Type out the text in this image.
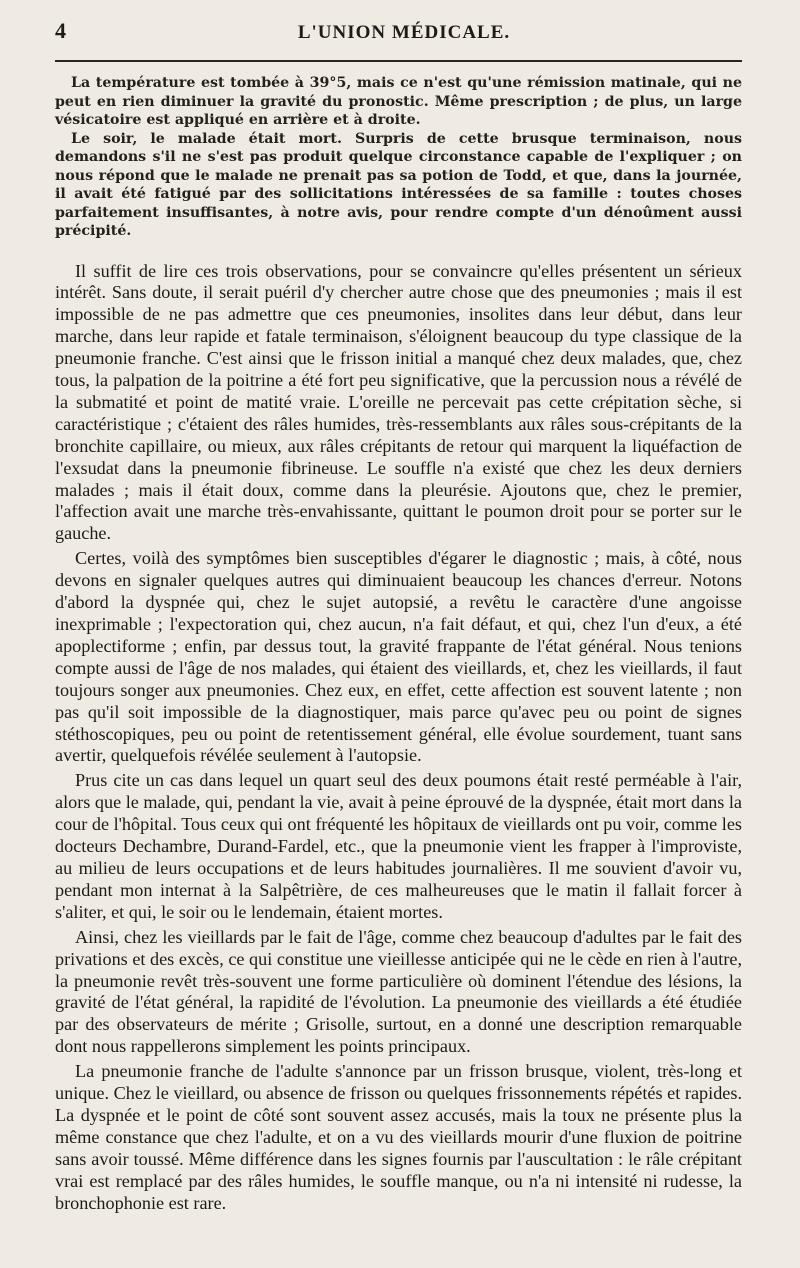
4	L'UNION MÉDICALE.

La température est tombée à 39°5, mais ce n'est qu'une rémission matinale, qui ne peut en rien diminuer la gravité du pronostic. Même prescription ; de plus, un large vésicatoire est appliqué en arrière et à droite.

Le soir, le malade était mort. Surpris de cette brusque terminaison, nous demandons s'il ne s'est pas produit quelque circonstance capable de l'expliquer ; on nous répond que le malade ne prenait pas sa potion de Todd, et que, dans la journée, il avait été fatigué par des sollicitations intéressées de sa famille : toutes choses parfaitement insuffisantes, à notre avis, pour rendre compte d'un dénoûment aussi précipité.

Il suffit de lire ces trois observations, pour se convaincre qu'elles présentent un sérieux intérêt. Sans doute, il serait puéril d'y chercher autre chose que des pneumonies ; mais il est impossible de ne pas admettre que ces pneumonies, insolites dans leur début, dans leur marche, dans leur rapide et fatale terminaison, s'éloignent beaucoup du type classique de la pneumonie franche. C'est ainsi que le frisson initial a manqué chez deux malades, que, chez tous, la palpation de la poitrine a été fort peu significative, que la percussion nous a révélé de la submatité et point de matité vraie. L'oreille ne percevait pas cette crépitation sèche, si caractéristique ; c'étaient des râles humides, très-ressemblants aux râles sous-crépitants de la bronchite capillaire, ou mieux, aux râles crépitants de retour qui marquent la liquéfaction de l'exsudat dans la pneumonie fibrineuse. Le souffle n'a existé que chez les deux derniers malades ; mais il était doux, comme dans la pleurésie. Ajoutons que, chez le premier, l'affection avait une marche très-envahissante, quittant le poumon droit pour se porter sur le gauche.

Certes, voilà des symptômes bien susceptibles d'égarer le diagnostic ; mais, à côté, nous devons en signaler quelques autres qui diminuaient beaucoup les chances d'erreur. Notons d'abord la dyspnée qui, chez le sujet autopsié, a revêtu le caractère d'une angoisse inexprimable ; l'expectoration qui, chez aucun, n'a fait défaut, et qui, chez l'un d'eux, a été apoplectiforme ; enfin, par dessus tout, la gravité frappante de l'état général. Nous tenions compte aussi de l'âge de nos malades, qui étaient des vieillards, et, chez les vieillards, il faut toujours songer aux pneumonies. Chez eux, en effet, cette affection est souvent latente ; non pas qu'il soit impossible de la diagnostiquer, mais parce qu'avec peu ou point de signes stéthoscopiques, peu ou point de retentissement général, elle évolue sourdement, tuant sans avertir, quelquefois révélée seulement à l'autopsie.

Prus cite un cas dans lequel un quart seul des deux poumons était resté perméable à l'air, alors que le malade, qui, pendant la vie, avait à peine éprouvé de la dyspnée, était mort dans la cour de l'hôpital. Tous ceux qui ont fréquenté les hôpitaux de vieillards ont pu voir, comme les docteurs Dechambre, Durand-Fardel, etc., que la pneumonie vient les frapper à l'improviste, au milieu de leurs occupations et de leurs habitudes journalières. Il me souvient d'avoir vu, pendant mon internat à la Salpêtrière, de ces malheureuses que le matin il fallait forcer à s'aliter, et qui, le soir ou le lendemain, étaient mortes.

Ainsi, chez les vieillards par le fait de l'âge, comme chez beaucoup d'adultes par le fait des privations et des excès, ce qui constitue une vieillesse anticipée qui ne le cède en rien à l'autre, la pneumonie revêt très-souvent une forme particulière où dominent l'étendue des lésions, la gravité de l'état général, la rapidité de l'évolution. La pneumonie des vieillards a été étudiée par des observateurs de mérite ; Grisolle, surtout, en a donné une description remarquable dont nous rappellerons simplement les points principaux.

La pneumonie franche de l'adulte s'annonce par un frisson brusque, violent, très-long et unique. Chez le vieillard, ou absence de frisson ou quelques frissonnements répétés et rapides. La dyspnée et le point de côté sont souvent assez accusés, mais la toux ne présente plus la même constance que chez l'adulte, et on a vu des vieillards mourir d'une fluxion de poitrine sans avoir toussé. Même différence dans les signes fournis par l'auscultation : le râle crépitant vrai est remplacé par des râles humides, le souffle manque, ou n'a ni intensité ni rudesse, la bronchophonie est rare.
